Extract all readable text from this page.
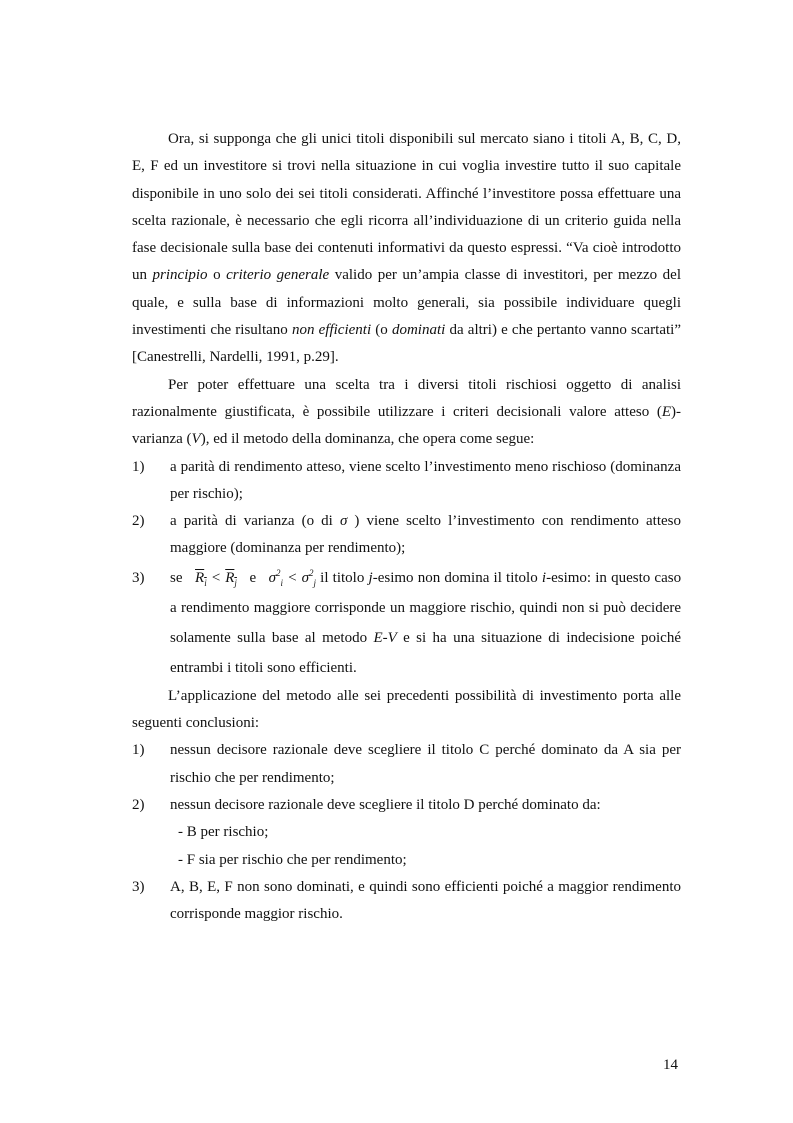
Ora, si supponga che gli unici titoli disponibili sul mercato siano i titoli A, B, C, D, E, F ed un investitore si trovi nella situazione in cui voglia investire tutto il suo capitale disponibile in uno solo dei sei titoli considerati. Affinché l’investitore possa effettuare una scelta razionale, è necessario che egli ricorra all’individuazione di un criterio guida nella fase decisionale sulla base dei contenuti informativi da questo espressi. “Va cioè introdotto un principio o criterio generale valido per un’ampia classe di investitori, per mezzo del quale, e sulla base di informazioni molto generali, sia possibile individuare quegli investimenti che risultano non efficienti (o dominati da altri) e che pertanto vanno scartati” [Canestrelli, Nardelli, 1991, p.29].

Per poter effettuare una scelta tra i diversi titoli rischiosi oggetto di analisi razionalmente giustificata, è possibile utilizzare i criteri decisionali valore atteso (E)-varianza (V), ed il metodo della dominanza, che opera come segue:

1) a parità di rendimento atteso, viene scelto l’investimento meno rischioso (dominanza per rischio);
2) a parità di varianza (o di σ ) viene scelto l’investimento con rendimento atteso maggiore (dominanza per rendimento);
3) se $R_i < R_j$ e $\sigma^2_i < \sigma^2_j$ il titolo j-esimo non domina il titolo i-esimo: in questo caso a rendimento maggiore corrisponde un maggiore rischio, quindi non si può decidere solamente sulla base al metodo E-V e si ha una situazione di indecisione poiché entrambi i titoli sono efficienti.

L’applicazione del metodo alle sei precedenti possibilità di investimento porta alle seguenti conclusioni:

1) nessun decisore razionale deve scegliere il titolo C perché dominato da A sia per rischio che per rendimento;
2) nessun decisore razionale deve scegliere il titolo D perché dominato da:
- B per rischio;
- F sia per rischio che per rendimento;
3) A, B, E, F non sono dominati, e quindi sono efficienti poiché a maggior rendimento corrisponde maggior rischio.
14
